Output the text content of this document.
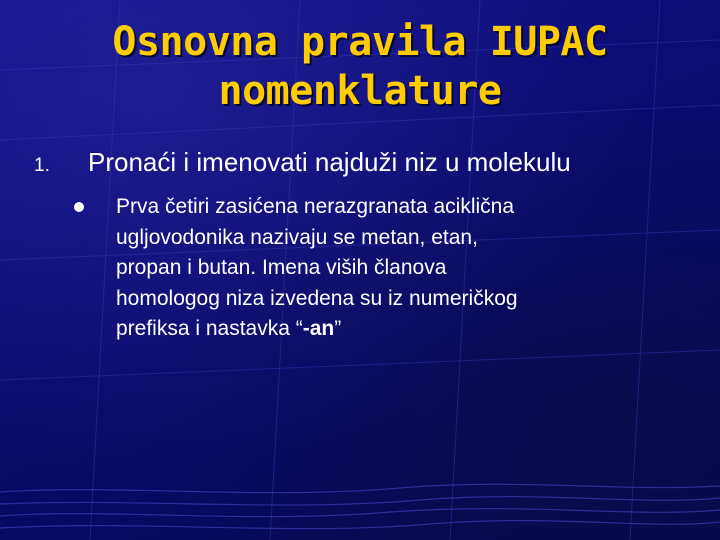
Osnovna pravila IUPAC
nomenklature
1. Pronaći i imenovati najduži niz u molekulu
Prva četiri zasićena nerazgranata aciklična
ugljovodonika nazivaju se metan, etan,
propan i butan. Imena viših članova
homologog niza izvedena su iz numeričkog
prefiksa i nastavka “-an”
